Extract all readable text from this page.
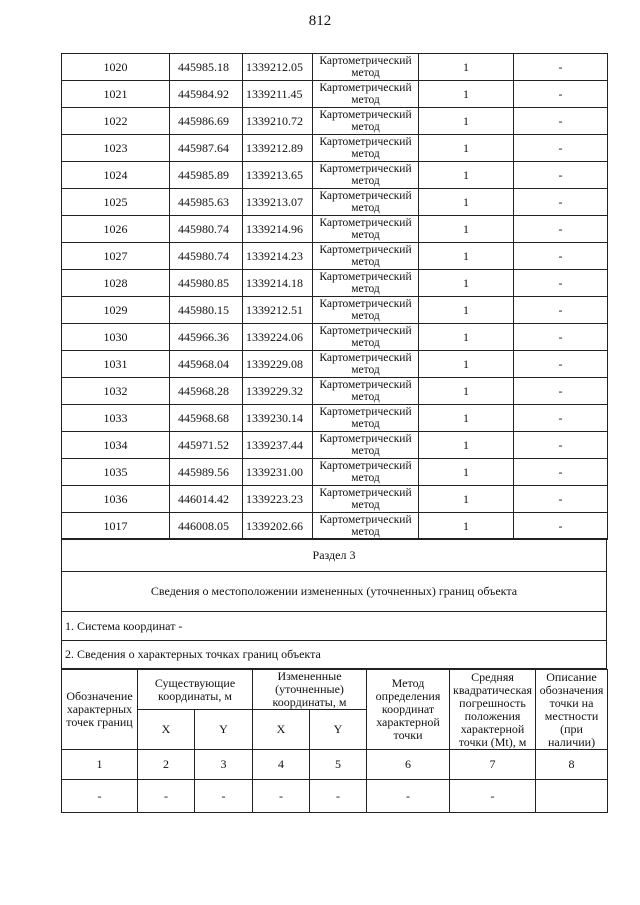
812
1020	445985.18	1339212.05	Картометрический метод	1	-
1021	445984.92	1339211.45	Картометрический метод	1	-
1022	445986.69	1339210.72	Картометрический метод	1	-
1023	445987.64	1339212.89	Картометрический метод	1	-
1024	445985.89	1339213.65	Картометрический метод	1	-
1025	445985.63	1339213.07	Картометрический метод	1	-
1026	445980.74	1339214.96	Картометрический метод	1	-
1027	445980.74	1339214.23	Картометрический метод	1	-
1028	445980.85	1339214.18	Картометрический метод	1	-
1029	445980.15	1339212.51	Картометрический метод	1	-
1030	445966.36	1339224.06	Картометрический метод	1	-
1031	445968.04	1339229.08	Картометрический метод	1	-
1032	445968.28	1339229.32	Картометрический метод	1	-
1033	445968.68	1339230.14	Картометрический метод	1	-
1034	445971.52	1339237.44	Картометрический метод	1	-
1035	445989.56	1339231.00	Картометрический метод	1	-
1036	446014.42	1339223.23	Картометрический метод	1	-
1017	446008.05	1339202.66	Картометрический метод	1	-
Раздел 3
Сведения о местоположении измененных (уточненных) границ объекта
1. Система координат -
2. Сведения о характерных точках границ объекта
Обозначение характерных точек границ	Существующие координаты, м		Измененные (уточненные) координаты, м		Метод определения координат характерной точки	Средняя квадратическая погрешность положения характерной точки (Mt), м	Описание обозначения точки на местности (при наличии)
	X	Y	X	Y			
1	2	3	4	5	6	7	8
-	-	-	-	-	-	-	
